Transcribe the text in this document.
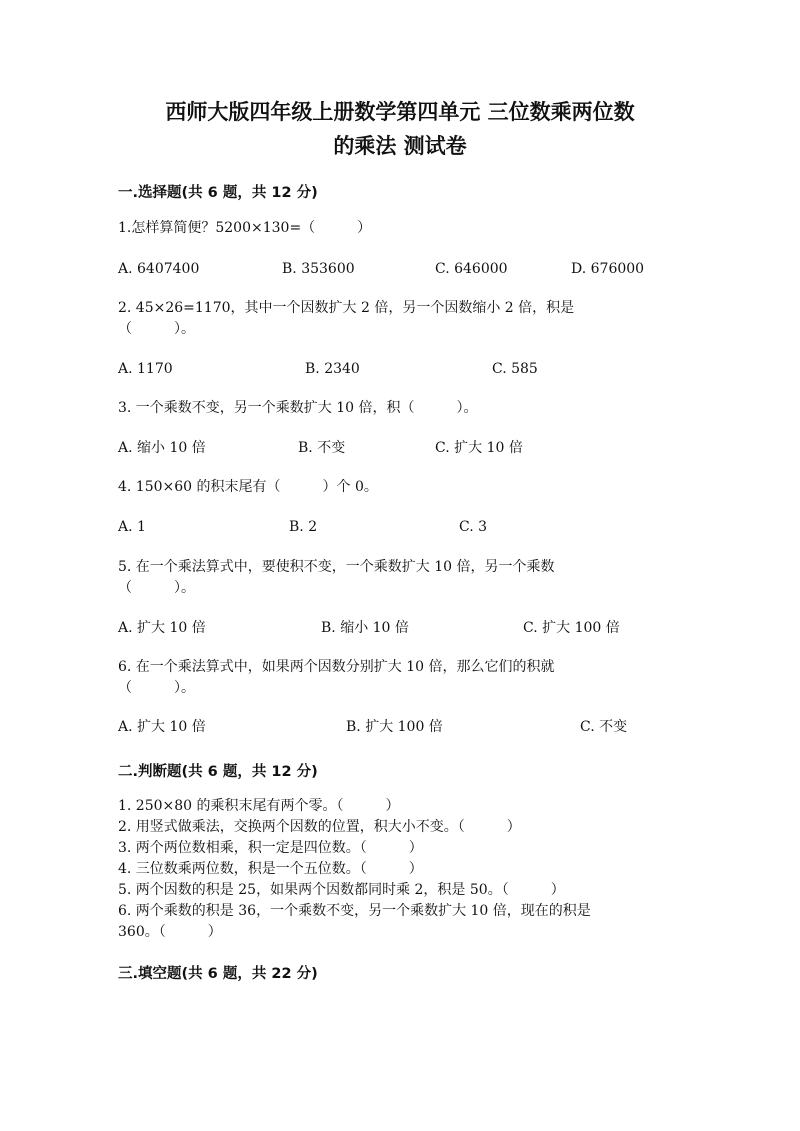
西师大版四年级上册数学第四单元 三位数乘两位数
的乘法 测试卷
一.选择题(共 6 题，共 12 分)

1.怎样算简便？5200×130=（　　　）

A. 6407400	B. 353600	C. 646000	D. 676000

2. 45×26=1170，其中一个因数扩大 2 倍，另一个因数缩小 2 倍，积是

（　　　）。

A. 1170	B. 2340	C. 585

3. 一个乘数不变，另一个乘数扩大 10 倍，积（　　　）。

A. 缩小 10 倍	B. 不变	C. 扩大 10 倍

4. 150×60 的积末尾有（　　　）个 0。

A. 1	B. 2	C. 3

5. 在一个乘法算式中，要使积不变，一个乘数扩大 10 倍，另一个乘数

（　　　）。

A. 扩大 10 倍	B. 缩小 10 倍	C. 扩大 100 倍

6. 在一个乘法算式中，如果两个因数分别扩大 10 倍，那么它们的积就

（　　　）。

A. 扩大 10 倍	B. 扩大 100 倍	C. 不变

二.判断题(共 6 题，共 12 分)

1. 250×80 的乘积末尾有两个零。（　　　）

2. 用竖式做乘法，交换两个因数的位置，积大小不变。（　　　）

3. 两个两位数相乘，积一定是四位数。（　　　）

4. 三位数乘两位数，积是一个五位数。（　　　）

5. 两个因数的积是 25，如果两个因数都同时乘 2，积是 50。（　　　）

6. 两个乘数的积是 36，一个乘数不变，另一个乘数扩大 10 倍，现在的积是

360。（　　　）

三.填空题(共 6 题，共 22 分)
